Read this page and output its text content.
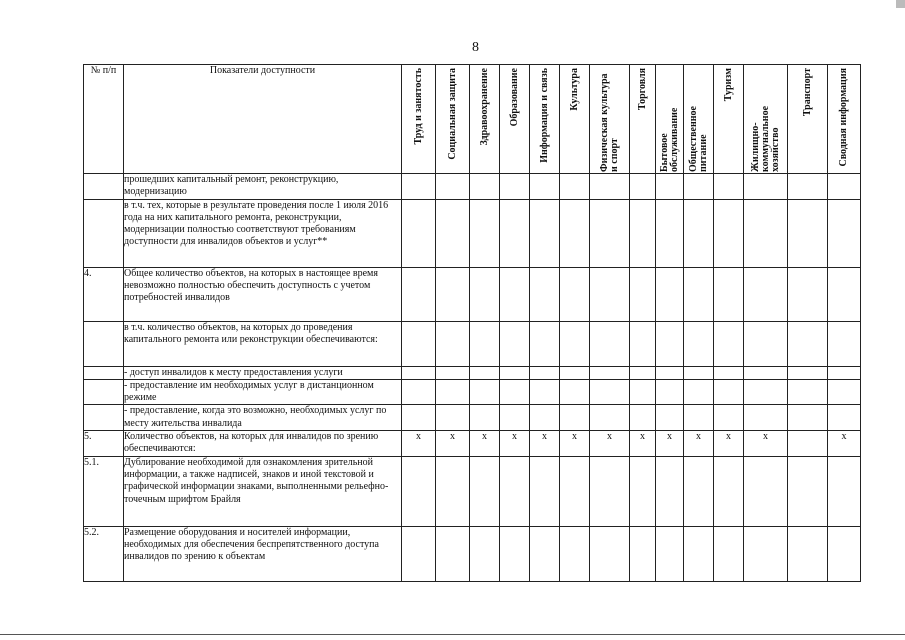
8
№ п/п	Показатели доступности	Труд и занятость	Социальная защита	Здравоохранение	Образование	Информация и связь	Культура	Физическая культура и спорт	Торговля	Бытовое обслуживание	Общественное питание	Туризм	Жилищно-коммунальное хозяйство	Транспорт	Сводная информация

	прошедших капитальный ремонт, реконструкцию, модернизацию														
	в т.ч. тех, которые в результате проведения после 1 июля 2016 года на них капитального ремонта, реконструкции, модернизации полностью соответствуют требованиям доступности для инвалидов объектов и услуг**														
4.	Общее количество объектов, на которых в настоящее время невозможно полностью обеспечить доступность с учетом потребностей инвалидов														
	в т.ч. количество объектов, на которых до проведения капитального ремонта или реконструкции обеспечиваются:														
	- доступ инвалидов к месту предоставления услуги														
	- предоставление им необходимых услуг в дистанционном режиме														
	- предоставление, когда это возможно, необходимых услуг по месту жительства инвалида														
5.	Количество объектов, на которых для инвалидов по зрению обеспечиваются:	x	x	x	x	x	x	x	x	x	x	x	x		x
5.1.	Дублирование необходимой для ознакомления зрительной информации, а также надписей, знаков и иной текстовой и графической информации знаками, выполненными рельефно-точечным шрифтом Брайля														
5.2.	Размещение оборудования и носителей информации, необходимых для обеспечения беспрепятственного доступа инвалидов по зрению к объектам														
